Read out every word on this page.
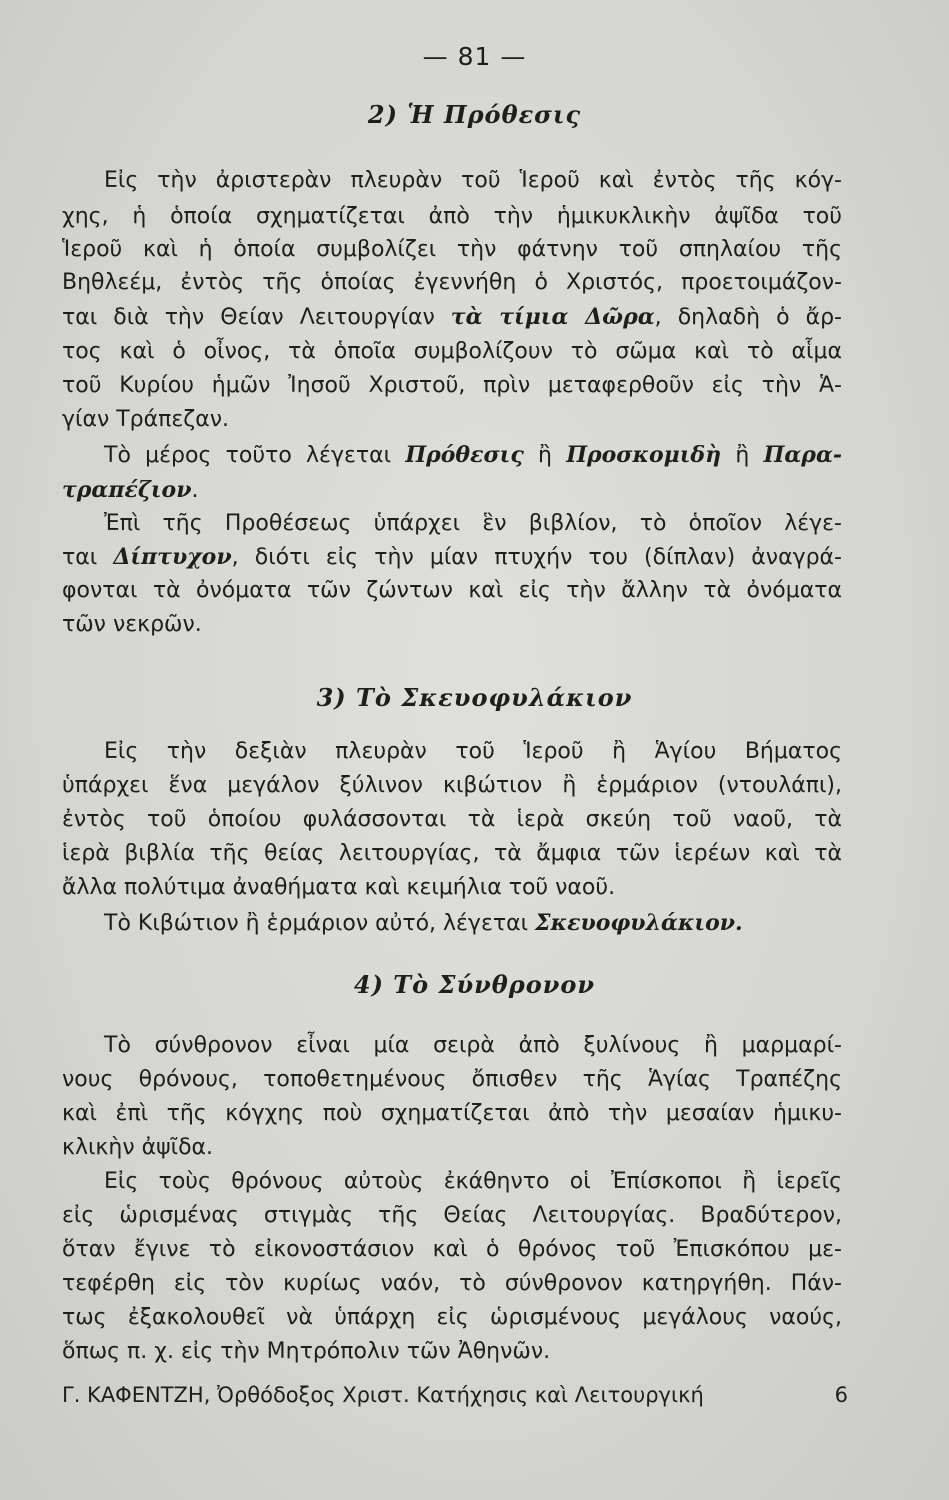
— 81 —
2) Ἡ Πρόθεσις
Εἰς τὴν ἀριστερὰν πλευρὰν τοῦ Ἱεροῦ καὶ ἐντὸς τῆς κόγ-
χης, ἡ ὁποία σχηματίζεται ἀπὸ τὴν ἡμικυκλικὴν ἀψῖδα τοῦ
Ἱεροῦ καὶ ἡ ὁποία συμβολίζει τὴν φάτνην τοῦ σπηλαίου τῆς
Βηθλεέμ, ἐντὸς τῆς ὁποίας ἐγεννήθη ὁ Χριστός, προετοιμάζον-
ται διὰ τὴν Θείαν Λειτουργίαν τὰ τίμια Δῶρα, δηλαδὴ ὁ ἄρ-
τος καὶ ὁ οἶνος, τὰ ὁποῖα συμβολίζουν τὸ σῶμα καὶ τὸ αἷμα
τοῦ Κυρίου ἡμῶν Ἰησοῦ Χριστοῦ, πρὶν μεταφερθοῦν εἰς τὴν Ἁ-
γίαν Τράπεζαν.
Τὸ μέρος τοῦτο λέγεται Πρόθεσις ἢ Προσκομιδὴ ἢ Παρα-
τραπέζιον.
Ἐπὶ τῆς Προθέσεως ὑπάρχει ἓν βιβλίον, τὸ ὁποῖον λέγε-
ται Δίπτυχον, διότι εἰς τὴν μίαν πτυχήν του (δίπλαν) ἀναγρά-
φονται τὰ ὀνόματα τῶν ζώντων καὶ εἰς τὴν ἄλλην τὰ ὀνόματα
τῶν νεκρῶν.
3) Τὸ Σκευοφυλάκιον
Εἰς τὴν δεξιὰν πλευρὰν τοῦ Ἱεροῦ ἢ Ἁγίου Βήματος
ὑπάρχει ἕνα μεγάλον ξύλινον κιβώτιον ἢ ἑρμάριον (ντουλάπι),
ἐντὸς τοῦ ὁποίου φυλάσσονται τὰ ἱερὰ σκεύη τοῦ ναοῦ, τὰ
ἱερὰ βιβλία τῆς θείας λειτουργίας, τὰ ἄμφια τῶν ἱερέων καὶ τὰ
ἄλλα πολύτιμα ἀναθήματα καὶ κειμήλια τοῦ ναοῦ.
Τὸ Κιβώτιον ἢ ἑρμάριον αὐτό, λέγεται Σκευοφυλάκιον.
4) Τὸ Σύνθρονον
Τὸ σύνθρονον εἶναι μία σειρὰ ἀπὸ ξυλίνους ἢ μαρμαρί-
νους θρόνους, τοποθετημένους ὄπισθεν τῆς Ἁγίας Τραπέζης
καὶ ἐπὶ τῆς κόγχης ποὺ σχηματίζεται ἀπὸ τὴν μεσαίαν ἡμικυ-
κλικὴν ἀψῖδα.
Εἰς τοὺς θρόνους αὐτοὺς ἐκάθηντο οἱ Ἐπίσκοποι ἢ ἱερεῖς
εἰς ὡρισμένας στιγμὰς τῆς Θείας Λειτουργίας. Βραδύτερον,
ὅταν ἔγινε τὸ εἰκονοστάσιον καὶ ὁ θρόνος τοῦ Ἐπισκόπου με-
τεφέρθη εἰς τὸν κυρίως ναόν, τὸ σύνθρονον κατηργήθη. Πάν-
τως ἐξακολουθεῖ νὰ ὑπάρχη εἰς ὡρισμένους μεγάλους ναούς,
ὅπως π. χ. εἰς τὴν Μητρόπολιν τῶν Ἀθηνῶν.
Γ. ΚΑΦΕΝΤΖΗ, Ὀρθόδοξος Χριστ. Κατήχησις καὶ Λειτουργική	6
